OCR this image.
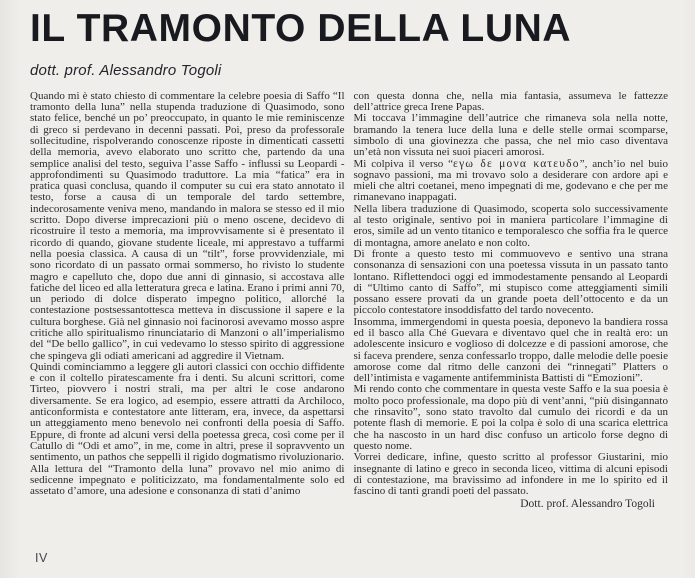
IL TRAMONTO DELLA LUNA
dott. prof. Alessandro Togoli

Quando mi è stato chiesto di commentare la celebre poesia di Saffo “Il tramonto della luna” nella stupenda traduzione di Quasimodo, sono stato felice, benché un po’ preoccupato, in quanto le mie reminiscenze di greco si perdevano in decenni passati. Poi, preso da professorale sollecitudine, rispolverando conoscenze riposte in dimenticati cassetti della memoria, avevo elaborato uno scritto che, partendo da una semplice analisi del testo, seguiva l’asse Saffo - influssi su Leopardi - approfondimenti su Quasimodo traduttore. La mia “fatica” era in pratica quasi conclusa, quando il computer su cui era stato annotato il testo, forse a causa di un temporale del tardo settembre, indecorosamente veniva meno, mandando in malora se stesso ed il mio scritto. Dopo diverse imprecazioni più o meno oscene, decidevo di ricostruire il testo a memoria, ma improvvisamente si è presentato il ricordo di quando, giovane studente liceale, mi apprestavo a tuffarmi nella poesia classica. A causa di un “tilt”, forse provvidenziale, mi sono ricordato di un passato ormai sommerso, ho rivisto lo studente magro e capelluto che, dopo due anni di ginnasio, si accostava alle fatiche del liceo ed alla letteratura greca e latina. Erano i primi anni 70, un periodo di dolce disperato impegno politico, allorché la contestazione postsessantottesca metteva in discussione il sapere e la cultura borghese. Già nel ginnasio noi facinorosi avevamo mosso aspre critiche allo spiritualismo rinunciatario di Manzoni o all’imperialismo del “De bello gallico”, in cui vedevamo lo stesso spirito di aggressione che spingeva gli odiati americani ad aggredire il Vietnam.

Quindi cominciammo a leggere gli autori classici con occhio diffidente e con il coltello piratescamente fra i denti. Su alcuni scrittori, come Tirteo, piovvero i nostri strali, ma per altri le cose andarono diversamente. Se era logico, ad esempio, essere attratti da Archiloco, anticonformista e contestatore ante litteram, era, invece, da aspettarsi un atteggiamento meno benevolo nei confronti della poesia di Saffo. Eppure, di fronte ad alcuni versi della poetessa greca, così come per il Catullo di “Odi et amo”, in me, come in altri, prese il sopravvento un sentimento, un pathos che seppellì il rigido dogmatismo rivoluzionario.

Alla lettura del “Tramonto della luna” provavo nel mio animo di sedicenne impegnato e politicizzato, ma fondamentalmente solo ed assetato d’amore, una adesione e consonanza di stati d’animo

con questa donna che, nella mia fantasia, assumeva le fattezze dell’attrice greca Irene Papas.

Mi toccava l’immagine dell’autrice che rimaneva sola nella notte, bramando la tenera luce della luna e delle stelle ormai scomparse, simbolo di una giovinezza che passa, che nel mio caso diventava un’età non vissuta nei suoi piaceri amorosi.

Mi colpiva il verso “εγω δε μονα κατευδο”, anch’io nel buio sognavo passioni, ma mi trovavo solo a desiderare con ardore api e mieli che altri coetanei, meno impegnati di me, godevano e che per me rimanevano inappagati.

Nella libera traduzione di Quasimodo, scoperta solo successivamente al testo originale, sentivo poi in maniera particolare l’immagine di eros, simile ad un vento titanico e temporalesco che soffia fra le querce di montagna, amore anelato e non colto.

Di fronte a questo testo mi commuovevo e sentivo una strana consonanza di sensazioni con una poetessa vissuta in un passato tanto lontano. Riflettendoci oggi ed immodestamente pensando al Leopardi di “Ultimo canto di Saffo”, mi stupisco come atteggiamenti simili possano essere provati da un grande poeta dell’ottocento e da un piccolo contestatore insoddisfatto del tardo novecento.

Insomma, immergendomi in questa poesia, deponevo la bandiera rossa ed il basco alla Ché Guevara e diventavo quel che in realtà ero: un adolescente insicuro e voglioso di dolcezze e di passioni amorose, che si faceva prendere, senza confessarlo troppo, dalle melodie delle poesie amorose come dal ritmo delle canzoni dei “rinnegati” Platters o dell’intimista e vagamente antifemminista Battisti di “Emozioni”.

Mi rendo conto che commentare in questa veste Saffo e la sua poesia è molto poco professionale, ma dopo più di vent’anni, “più disingannato che rinsavito”, sono stato travolto dal cumulo dei ricordi e da un potente flash di memorie. E poi la colpa è solo di una scarica elettrica che ha nascosto in un hard disc confuso un articolo forse degno di questo nome.

Vorrei dedicare, infine, questo scritto al professor Giustarini, mio insegnante di latino e greco in seconda liceo, vittima di alcuni episodi di contestazione, ma bravissimo ad infondere in me lo spirito ed il fascino di tanti grandi poeti del passato.

Dott. prof. Alessandro Togoli
IV
